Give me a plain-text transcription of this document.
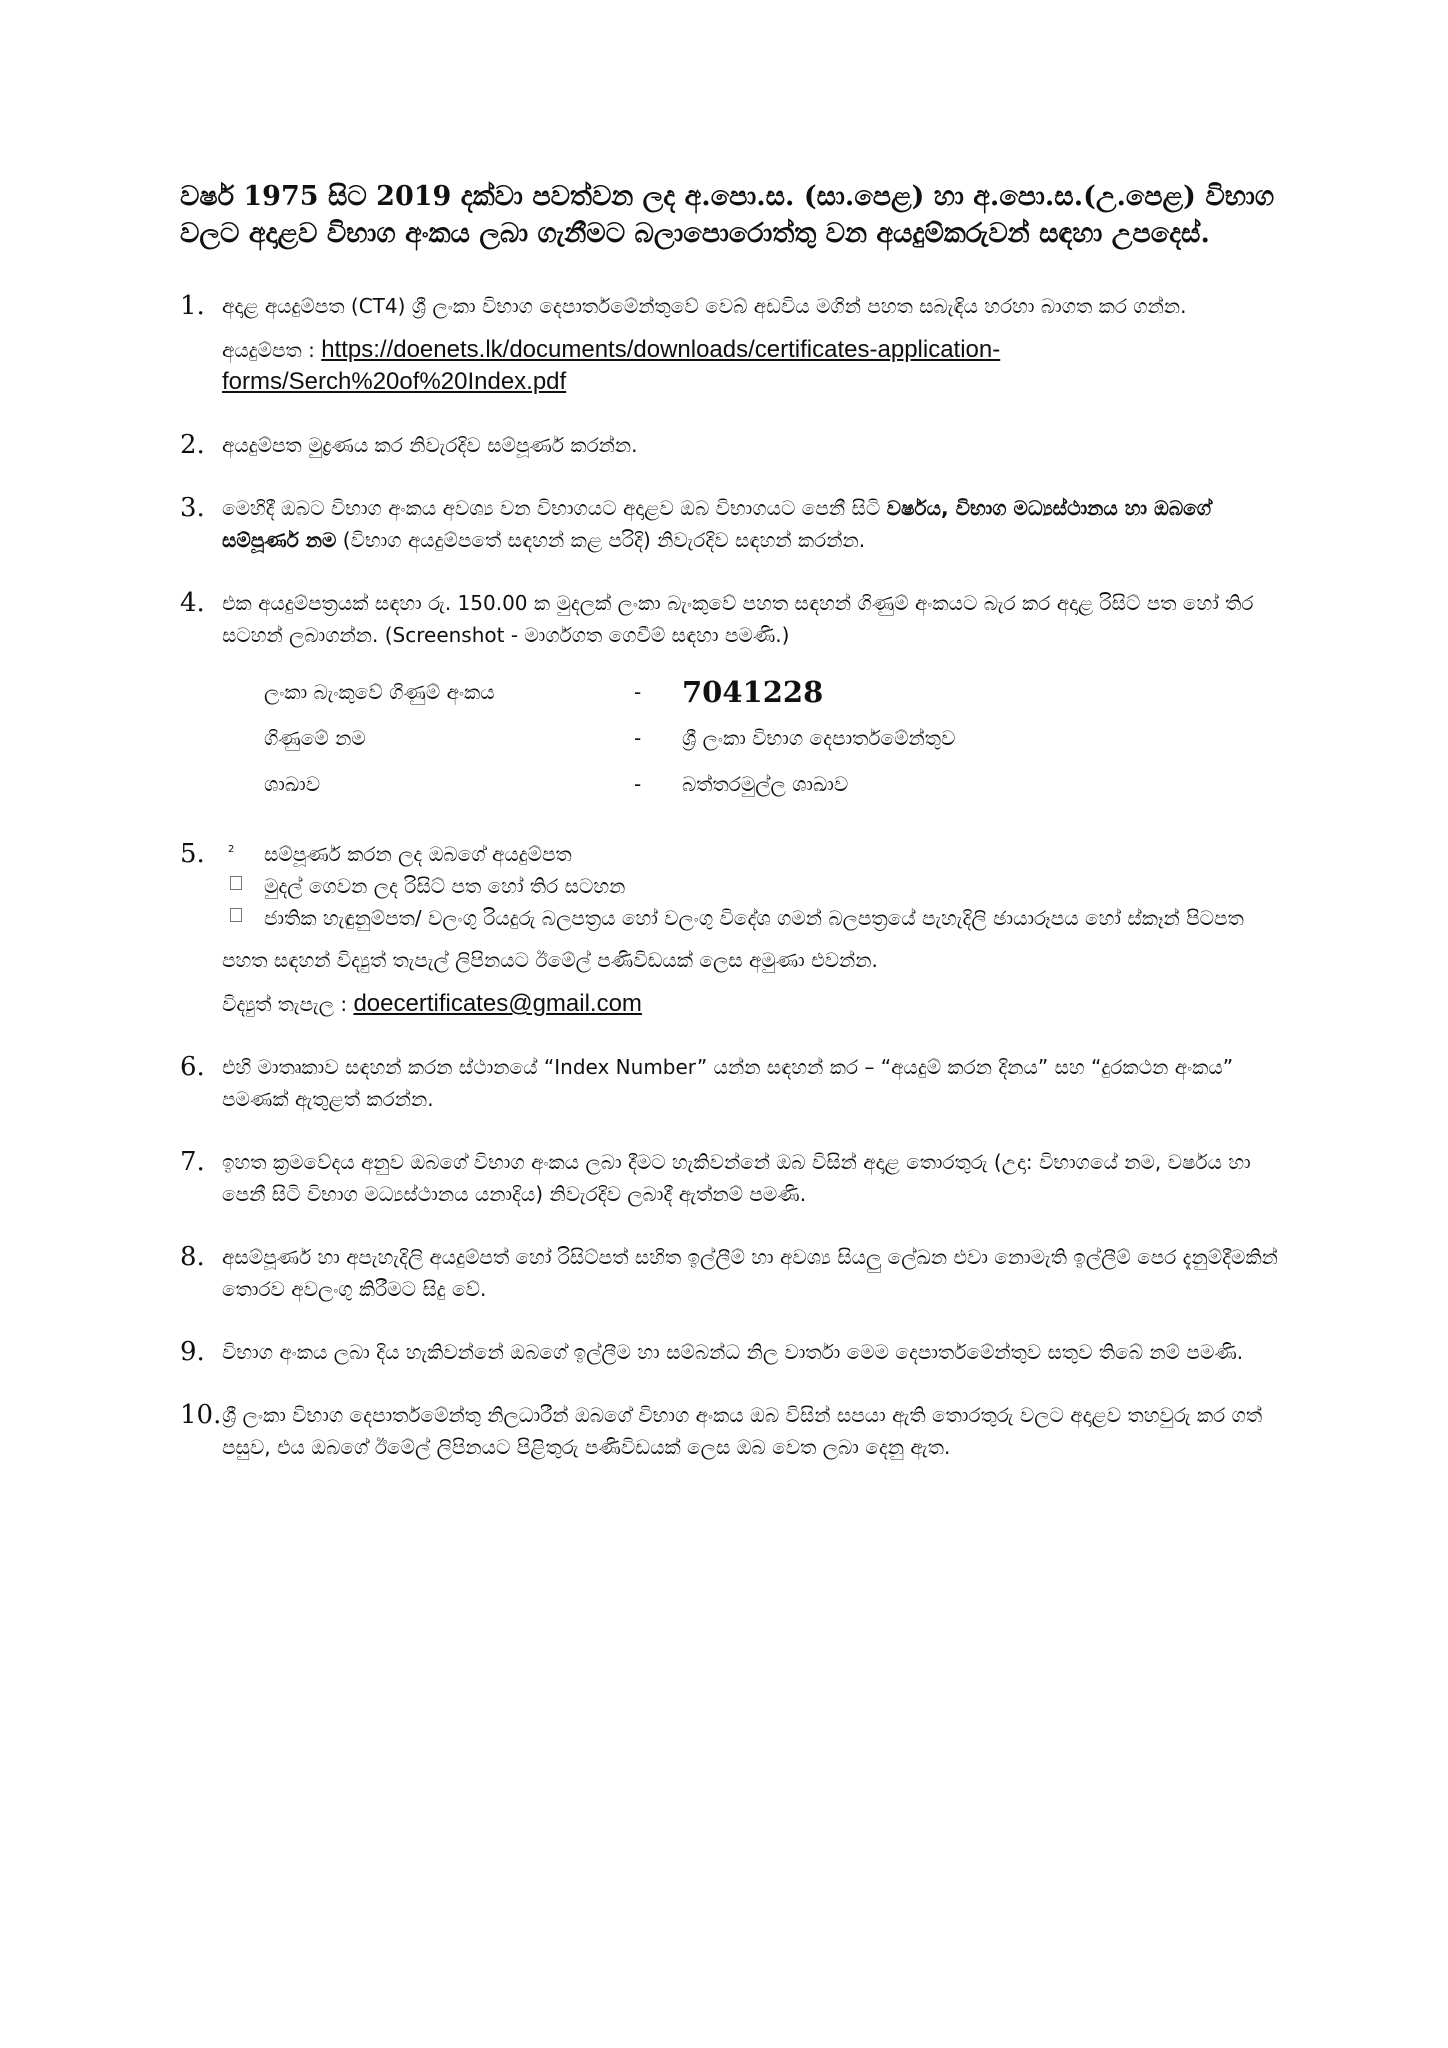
වර්ෂ 1975 සිට 2019 දක්වා පවත්වන ලද අ.පො.ස. (සා.පෙළ) හා අ.පො.ස.(උ.පෙළ) විභාග වලට අදාළව විභාග අංකය ලබා ගැනීමට බලාපොරොත්තු වන අයදුම්කරුවන් සඳහා උපදෙස්.
1. අදාළ අයදුම්පත (CT4) ශ්‍රී ලංකා විභාග දෙපාර්තමේන්තුවේ වෙබ් අඩවිය මගින් පහත සබැඳිය හරහා බාගත කර ගන්න.
අයදුම්පත : https://doenets.lk/documents/downloads/certificates-application-forms/Serch%20of%20Index.pdf
2. අයදුම්පත මුද්‍රණය කර නිවැරදිව සම්පූර්ණ කරන්න.
3. මෙහිදී ඔබට විභාග අංකය අවශ්‍ය වන විභාගයට අදාළව ඔබ විභාගයට පෙනී සිටි වර්ෂය, විභාග මධ්‍යස්ථානය හා ඔබගේ සම්පූර්ණ නම (විභාග අයදුම්පතේ සඳහන් කළ පරිදි) නිවැරදිව සඳහන් කරන්න.
4. එක අයදුම්පත්‍රයක් සඳහා රු. 150.00 ක මුදලක් ලංකා බැංකුවේ පහත සඳහන් ගිණුම් අංකයට බැර කර අදාළ රිසිට් පත හෝ තිර සටහන් ලබාගන්න. (Screenshot - මාර්ගගත ගෙවීම් සඳහා පමණි.)
ලංකා බැංකුවේ ගිණුම් අංකය	-	7041228
ගිණුමේ නම	-	ශ්‍රී ලංකා විභාග දෙපාර්තමේන්තුව
ශාඛාව	-	බත්තරමුල්ල ශාඛාව
5. 2 සම්පූර්ණ කරන ලද ඔබගේ අයදුම්පත
මුදල් ගෙවන ලද රිසිට් පත හෝ තිර සටහන
ජාතික හැඳුනුම්පත/ වලංගු රියදුරු බලපත්‍රය හෝ වලංගු විදේශ ගමන් බලපත්‍රයේ පැහැදිලි ඡායාරූපය හෝ ස්කෑන් පිටපත
පහත සඳහන් විද්‍යුත් තැපැල් ලිපිනයට ඊමේල් පණිවිඩයක් ලෙස අමුණා එවන්න.
විද්‍යුත් තැපැල : doecertificates@gmail.com
6. එහි මාතෘකාව සඳහන් කරන ස්ථානයේ “Index Number” යන්න සඳහන් කර – “අයදුම් කරන දිනය” සහ “දුරකථන අංකය” පමණක් ඇතුළත් කරන්න.
7. ඉහත ක්‍රමවේදය අනුව ඔබගේ විභාග අංකය ලබා දීමට හැකිවන්නේ ඔබ විසින් අදාළ තොරතුරු (උදා: විභාගයේ නම, වර්ෂය හා පෙනී සිටි විභාග මධ්‍යස්ථානය යනාදිය) නිවැරදිව ලබාදී ඇත්නම් පමණි.
8. අසම්පූර්ණ හා අපැහැදිලි අයදුම්පත් හෝ රිසිට්පත් සහිත ඉල්ලීම් හා අවශ්‍ය සියලු ලේඛන එවා නොමැති ඉල්ලීම් පෙර දැනුම්දීමකින් තොරව අවලංගු කිරීමට සිදු වේ.
9. විභාග අංකය ලබා දිය හැකිවන්නේ ඔබගේ ඉල්ලීම හා සම්බන්ධ නිල වාර්තා මෙම දෙපාර්තමේන්තුව සතුව තිබේ නම් පමණි.
10. ශ්‍රී ලංකා විභාග දෙපාර්තමේන්තු නිලධාරීන් ඔබගේ විභාග අංකය ඔබ විසින් සපයා ඇති තොරතුරු වලට අදාළව තහවුරු කර ගත් පසුව, එය ඔබගේ ඊමේල් ලිපිනයට පිළිතුරු පණිවිඩයක් ලෙස ඔබ වෙත ලබා දෙනු ඇත.
